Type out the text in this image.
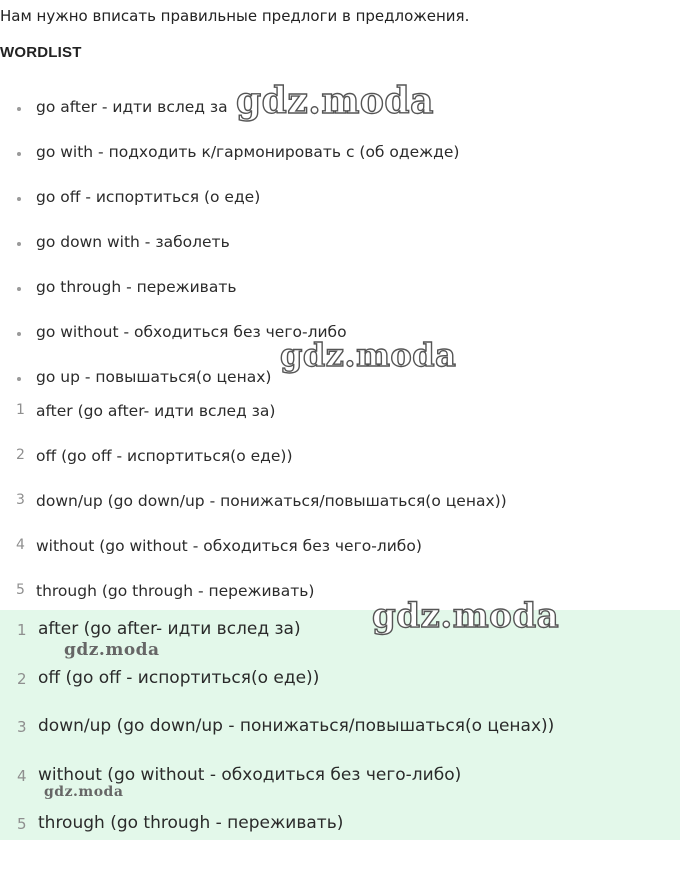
Нам нужно вписать правильные предлоги в предложения.
WORDLIST
go after - идти вслед за
go with - подходить к/гармонировать с (об одежде)
go off - испортиться (о еде)
go down with - заболеть
go through - переживать
go without - обходиться без чего-либо
go up - повышаться(о ценах)
1 after (go after- идти вслед за)
2 off (go off - испортиться(о еде))
3 down/up (go down/up - понижаться/повышаться(о ценах))
4 without (go without - обходиться без чего-либо)
5 through (go through - переживать)
1 after (go after- идти вслед за)
2 off (go off - испортиться(о еде))
3 down/up (go down/up - понижаться/повышаться(о ценах))
4 without (go without - обходиться без чего-либо)
5 through (go through - переживать)
gdz.moda
gdz.moda
gdz.moda
gdz.moda
gdz.moda
